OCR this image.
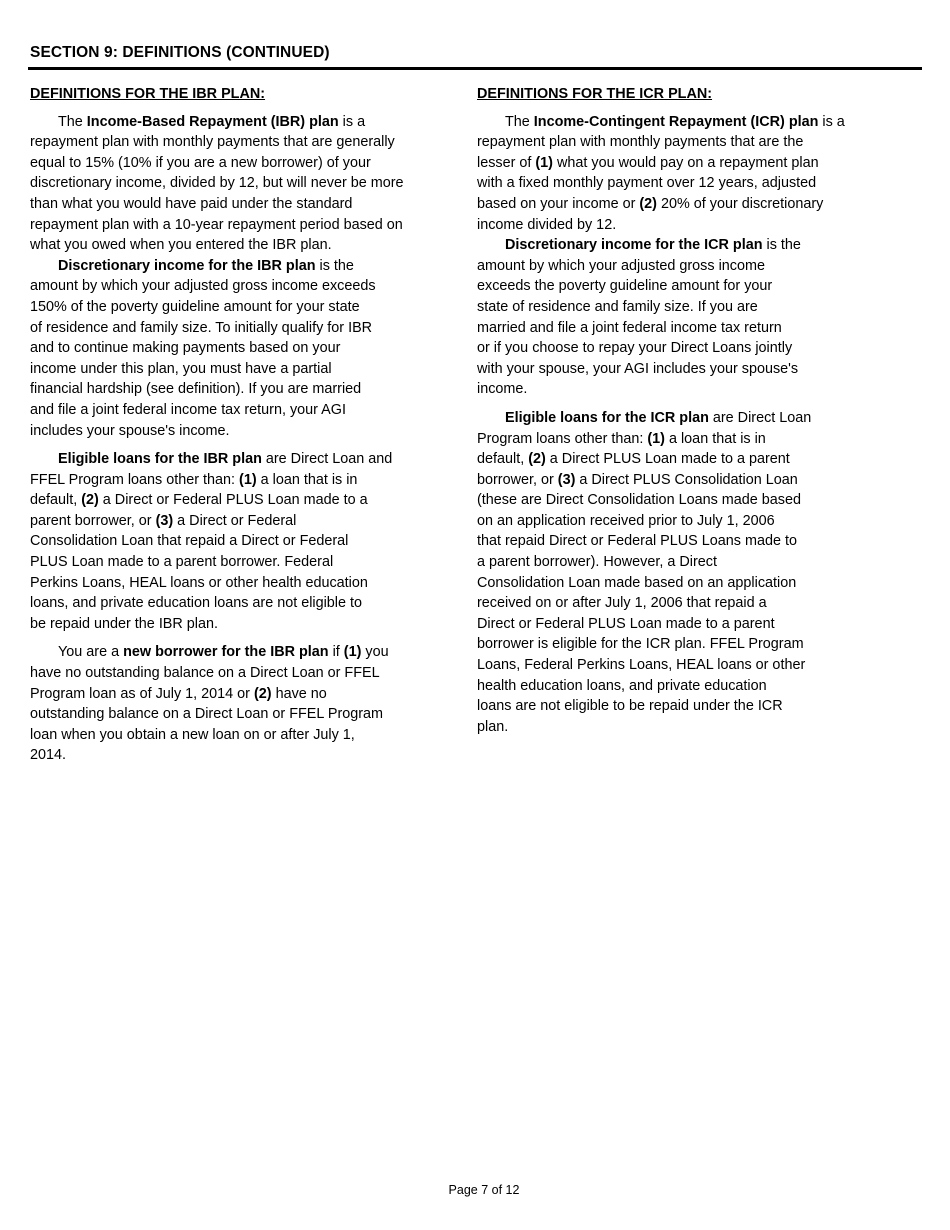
SECTION 9: DEFINITIONS (CONTINUED)
DEFINITIONS FOR THE IBR PLAN:

The Income-Based Repayment (IBR) plan is a
repayment plan with monthly payments that are generally
equal to 15% (10% if you are a new borrower) of your
discretionary income, divided by 12, but will never be more
than what you would have paid under the standard
repayment plan with a 10-year repayment period based on
what you owed when you entered the IBR plan.

Discretionary income for the IBR plan is the
amount by which your adjusted gross income exceeds
150% of the poverty guideline amount for your state
of residence and family size. To initially qualify for IBR
and to continue making payments based on your
income under this plan, you must have a partial
financial hardship (see definition). If you are married
and file a joint federal income tax return, your AGI
includes your spouse's income.

Eligible loans for the IBR plan are Direct Loan and
FFEL Program loans other than: (1) a loan that is in
default, (2) a Direct or Federal PLUS Loan made to a
parent borrower, or (3) a Direct or Federal
Consolidation Loan that repaid a Direct or Federal
PLUS Loan made to a parent borrower. Federal
Perkins Loans, HEAL loans or other health education
loans, and private education loans are not eligible to
be repaid under the IBR plan.

You are a new borrower for the IBR plan if (1) you
have no outstanding balance on a Direct Loan or FFEL
Program loan as of July 1, 2014 or (2) have no
outstanding balance on a Direct Loan or FFEL Program
loan when you obtain a new loan on or after July 1,
2014.

DEFINITIONS FOR THE ICR PLAN:

The Income-Contingent Repayment (ICR) plan is a
repayment plan with monthly payments that are the
lesser of (1) what you would pay on a repayment plan
with a fixed monthly payment over 12 years, adjusted
based on your income or (2) 20% of your discretionary
income divided by 12.

Discretionary income for the ICR plan is the
amount by which your adjusted gross income
exceeds the poverty guideline amount for your
state of residence and family size. If you are
married and file a joint federal income tax return
or if you choose to repay your Direct Loans jointly
with your spouse, your AGI includes your spouse's
income.

Eligible loans for the ICR plan are Direct Loan
Program loans other than: (1) a loan that is in
default, (2) a Direct PLUS Loan made to a parent
borrower, or (3) a Direct PLUS Consolidation Loan
(these are Direct Consolidation Loans made based
on an application received prior to July 1, 2006
that repaid Direct or Federal PLUS Loans made to
a parent borrower). However, a Direct
Consolidation Loan made based on an application
received on or after July 1, 2006 that repaid a
Direct or Federal PLUS Loan made to a parent
borrower is eligible for the ICR plan. FFEL Program
Loans, Federal Perkins Loans, HEAL loans or other
health education loans, and private education
loans are not eligible to be repaid under the ICR
plan.

Page 7 of 12
